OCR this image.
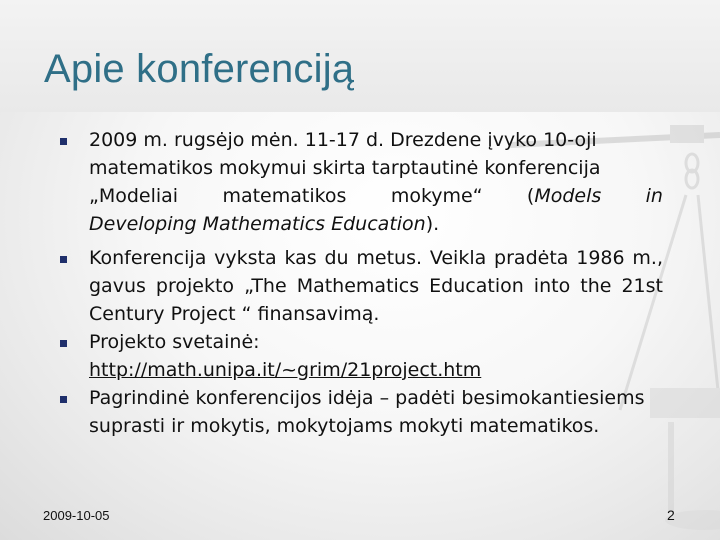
Apie konferenciją
2009 m. rugsėjo mėn. 11-17 d. Drezdene įvyko 10-oji
matematikos mokymui skirta tarptautinė konferencija
„Modeliai matematikos mokyme“ (Models in
Developing Mathematics Education).

Konferencija vyksta kas du metus. Veikla pradėta 1986 m., gavus projekto „The Mathematics Education into the 21st Century Project “ finansavimą.

Projekto svetainė:
http://math.unipa.it/~grim/21project.htm

Pagrindinė konferencijos idėja – padėti besimokantiesiems suprasti ir mokytis, mokytojams mokyti matematikos.

2009-10-05	2
